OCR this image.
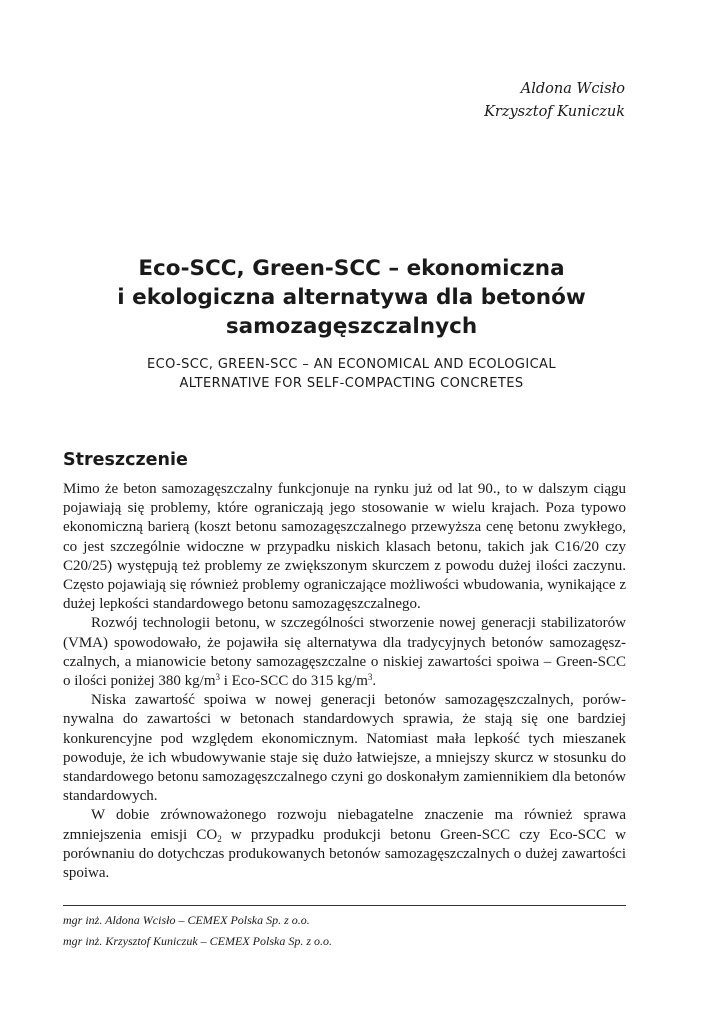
Aldona Wcisło
Krzysztof Kuniczuk
Eco-SCC, Green-SCC – ekonomiczna
i ekologiczna alternatywa dla betonów
samozagęszczalnych
ECO-SCC, GREEN-SCC – AN ECONOMICAL AND ECOLOGICAL
ALTERNATIVE FOR SELF-COMPACTING CONCRETES
Streszczenie

Mimo że beton samozagęszczalny funkcjonuje na rynku już od lat 90., to w dalszym ciągu pojawiają się problemy, które ograniczają jego stosowanie w wielu krajach. Poza typowo ekonomiczną barierą (koszt betonu samozagęszczalnego przewyższa cenę betonu zwykłego, co jest szczególnie widoczne w przypadku niskich klasach betonu, takich jak C16/20 czy C20/25) występują też problemy ze zwiększonym skurczem z powodu dużej ilości zaczynu. Często pojawiają się również problemy ograniczające możliwości wbudowania, wynikające z dużej lepkości standardowego betonu samozagęszczalnego.

Rozwój technologii betonu, w szczególności stworzenie nowej generacji stabilizatorów (VMA) spowodowało, że pojawiła się alternatywa dla tradycyjnych betonów samozagęszczalnych, a mianowicie betony samozagęszczalne o niskiej zawartości spoiwa – Green-SCC o ilości poniżej 380 $kg/m^3$ i Eco-SCC do 315 $kg/m^3$.

Niska zawartość spoiwa w nowej generacji betonów samozagęszczalnych, porównywalna do zawartości w betonach standardowych sprawia, że stają się one bardziej konkurencyjne pod względem ekonomicznym. Natomiast mała lepkość tych mieszanek powoduje, że ich wbudowywanie staje się dużo łatwiejsze, a mniejszy skurcz w stosunku do standardowego betonu samozagęszczalnego czyni go doskonałym zamiennikiem dla betonów standardowych.

W dobie zrównoważonego rozwoju niebagatelne znaczenie ma również sprawa zmniejszenia emisji $CO_2$ w przypadku produkcji betonu Green-SCC czy Eco-SCC w porównaniu do dotychczas produkowanych betonów samozagęszczalnych o dużej zawartości spoiwa.

mgr inż. Aldona Wcisło – CEMEX Polska Sp. z o.o.
mgr inż. Krzysztof Kuniczuk – CEMEX Polska Sp. z o.o.
